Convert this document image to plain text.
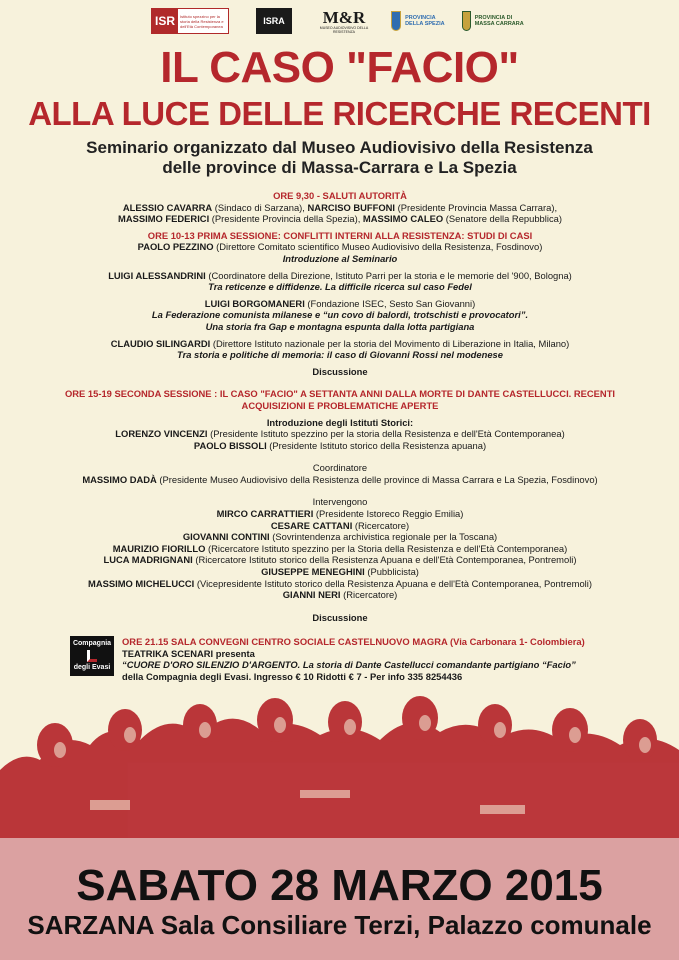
ISR	Istituto spezzino per la storia della Resistenza e dell'Età Contemporanea	ISRA	M&R
MUSEO AUDIOVISIVO DELLA RESISTENZA
PROVINCIA DELLA SPEZIA
PROVINCIA DI MASSA CARRARA
IL CASO "FACIO"
ALLA LUCE DELLE RICERCHE RECENTI
Seminario organizzato dal Museo Audiovisivo della Resistenza
delle province di Massa-Carrara e La Spezia
ORE 9,30 - SALUTI AUTORITÀ
ALESSIO CAVARRA (Sindaco di Sarzana), NARCISO BUFFONI (Presidente Provincia Massa Carrara),
MASSIMO FEDERICI (Presidente Provincia della Spezia), MASSIMO CALEO (Senatore della Repubblica)
ORE 10-13 PRIMA SESSIONE: CONFLITTI INTERNI ALLA RESISTENZA: STUDI DI CASI
PAOLO PEZZINO (Direttore Comitato scientifico Museo Audiovisivo della Resistenza, Fosdinovo)
Introduzione al Seminario
LUIGI ALESSANDRINI (Coordinatore della Direzione, Istituto Parri per la storia e le memorie del '900, Bologna)
Tra reticenze e diffidenze. La difficile ricerca sul caso Fedel
LUIGI BORGOMANERI (Fondazione ISEC, Sesto San Giovanni)
La Federazione comunista milanese e “un covo di balordi, trotschisti e provocatori”.
Una storia fra Gap e montagna espunta dalla lotta partigiana
CLAUDIO SILINGARDI (Direttore Istituto nazionale per la storia del Movimento di Liberazione in Italia, Milano)
Tra storia e politiche di memoria: il caso di Giovanni Rossi nel modenese
Discussione
ORE 15-19 SECONDA SESSIONE : IL CASO "FACIO" A SETTANTA ANNI DALLA MORTE DI DANTE CASTELLUCCI. RECENTI
ACQUISIZIONI E PROBLEMATICHE APERTE
Introduzione degli Istituti Storici:
LORENZO VINCENZI (Presidente Istituto spezzino per la storia della Resistenza e dell'Età Contemporanea)
PAOLO BISSOLI (Presidente Istituto storico della Resistenza apuana)
Coordinatore
MASSIMO DADÀ (Presidente Museo Audiovisivo della Resistenza delle province di Massa Carrara e La Spezia, Fosdinovo)
Intervengono
MIRCO CARRATTIERI (Presidente Istoreco Reggio Emilia)
CESARE CATTANI (Ricercatore)
GIOVANNI CONTINI (Sovrintendenza archivistica regionale per la Toscana)
MAURIZIO FIORILLO (Ricercatore Istituto spezzino per la Storia della Resistenza e dell'Età Contemporanea)
LUCA MADRIGNANI (Ricercatore Istituto storico della Resistenza Apuana e dell'Età Contemporanea, Pontremoli)
GIUSEPPE MENEGHINI (Pubblicista)
MASSIMO MICHELUCCI (Vicepresidente Istituto storico della Resistenza Apuana e dell'Età Contemporanea, Pontremoli)
GIANNI NERI (Ricercatore)
Discussione
Compagnia
degli Evasi
ORE 21.15 SALA CONVEGNI CENTRO SOCIALE CASTELNUOVO MAGRA (Via Carbonara 1- Colombiera)
TEATRIKA SCENARI presenta
“CUORE D'ORO SILENZIO D'ARGENTO. La storia di Dante Castellucci comandante partigiano “Facio”
della Compagnia degli Evasi. Ingresso € 10 Ridotti € 7 - Per info 335 8254436
SABATO 28 MARZO 2015
SARZANA Sala Consiliare Terzi, Palazzo comunale
